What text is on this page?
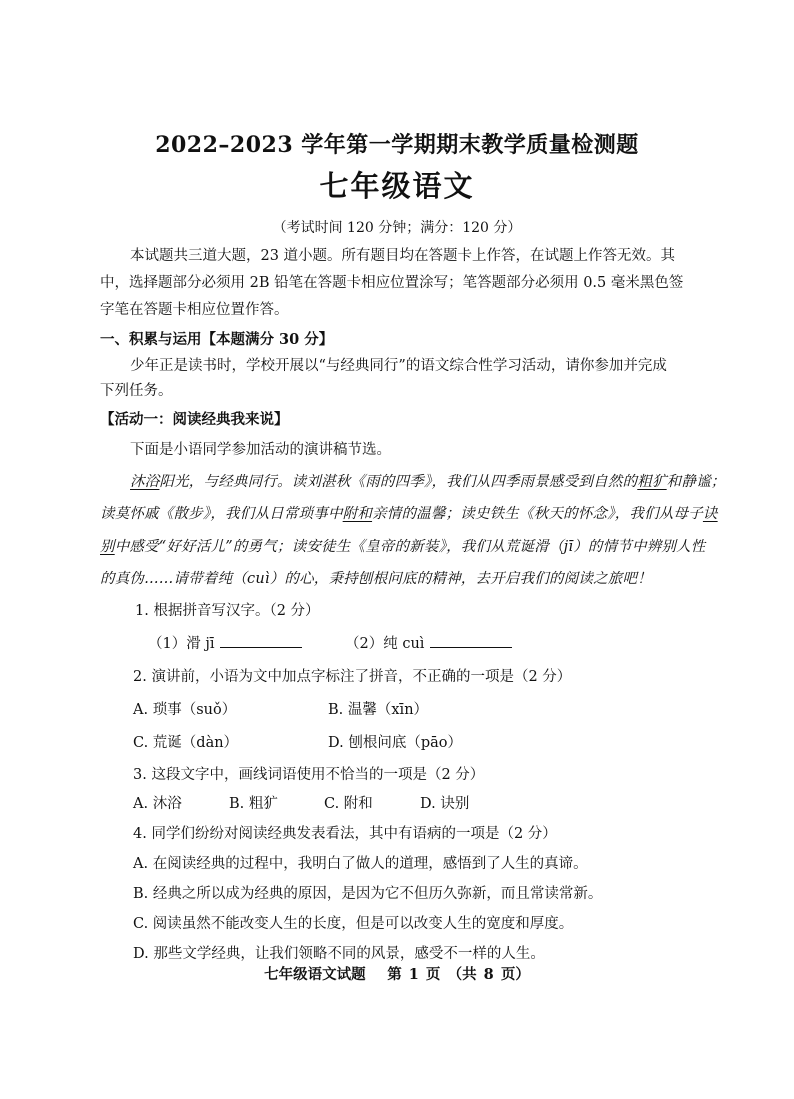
2022–2023 学年第一学期期末教学质量检测题
七年级语文
（考试时间 120 分钟；满分：120 分）
本试题共三道大题，23 道小题。所有题目均在答题卡上作答，在试题上作答无效。其
中，选择题部分必须用 2B 铅笔在答题卡相应位置涂写；笔答题部分必须用 0.5 毫米黑色签
字笔在答题卡相应位置作答。
一、积累与运用【本题满分 30 分】
少年正是读书时，学校开展以“与经典同行”的语文综合性学习活动，请你参加并完成
下列任务。
【活动一：阅读经典我来说】
下面是小语同学参加活动的演讲稿节选。
沐浴阳光，与经典同行。读刘湛秋《雨的四季》，我们从四季雨景感受到自然的粗犷和静谧；
读莫怀戚《散步》，我们从日常琐事中附和亲情的温馨；读史铁生《秋天的怀念》，我们从母子诀
别中感受“好好活儿”的勇气；读安徒生《皇帝的新装》，我们从荒诞滑（jī）的情节中辨别人性
的真伪……请带着纯（cuì）的心，秉持刨根问底的精神，去开启我们的阅读之旅吧！
1. 根据拼音写汉字。（2 分）
（1）滑 jī	（2）纯 cuì
2. 演讲前，小语为文中加点字标注了拼音，不正确的一项是（2 分）
A. 琐事（suǒ）	B. 温馨（xīn）
C. 荒诞（dàn）	D. 刨根问底（pāo）
3. 这段文字中，画线词语使用不恰当的一项是（2 分）
A. 沐浴	B. 粗犷	C. 附和	D. 诀别
4. 同学们纷纷对阅读经典发表看法，其中有语病的一项是（2 分）
A. 在阅读经典的过程中，我明白了做人的道理，感悟到了人生的真谛。
B. 经典之所以成为经典的原因，是因为它不但历久弥新，而且常读常新。
C. 阅读虽然不能改变人生的长度，但是可以改变人生的宽度和厚度。
D. 那些文学经典，让我们领略不同的风景，感受不一样的人生。
七年级语文试题　 第 1 页　（共 8 页）
